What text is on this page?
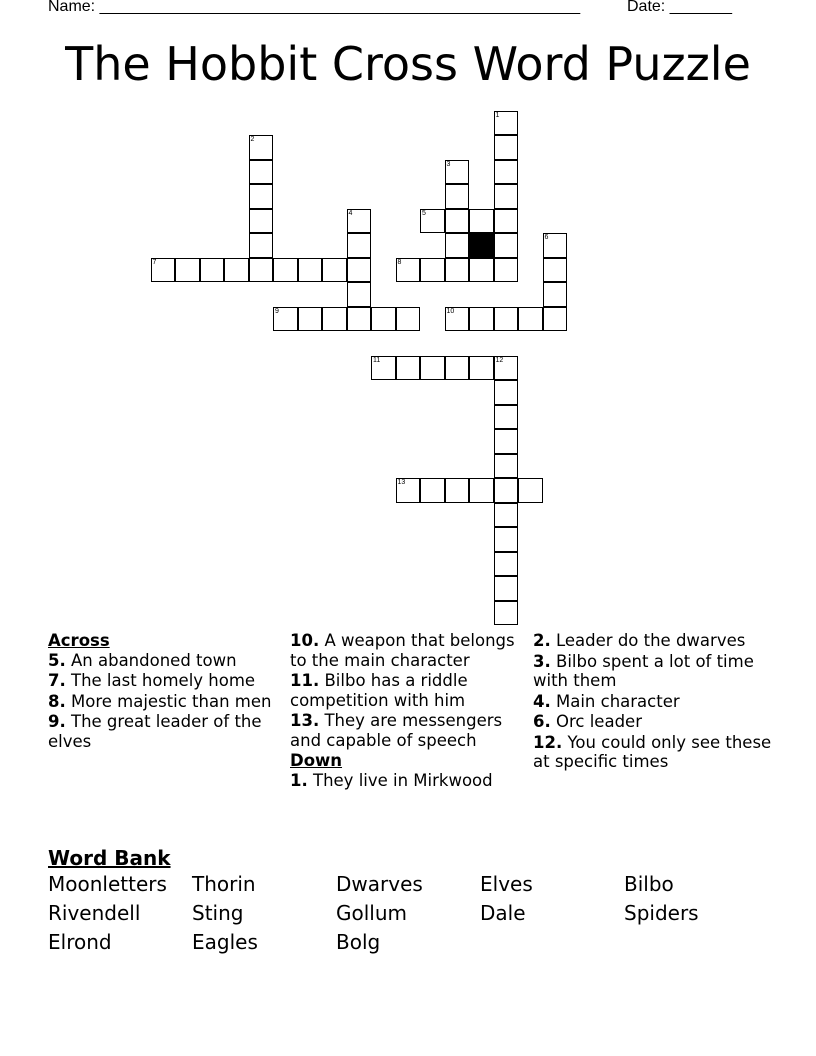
Name: ______________________________________________________	Date: _______
The Hobbit Cross Word Puzzle
1
2
3
4	5
6
7	8
9	10
11	12
13
Across
5. An abandoned town
7. The last homely home
8. More majestic than men
9. The great leader of the elves
10. A weapon that belongs to the main character
11. Bilbo has a riddle competition with him
13. They are messengers and capable of speech
Down
1. They live in Mirkwood
2. Leader do the dwarves
3. Bilbo spent a lot of time with them
4. Main character
6. Orc leader
12. You could only see these at specific times
Word Bank
Moonletters	Thorin	Dwarves	Elves	Bilbo
Rivendell	Sting	Gollum	Dale	Spiders
Elrond	Eagles	Bolg
